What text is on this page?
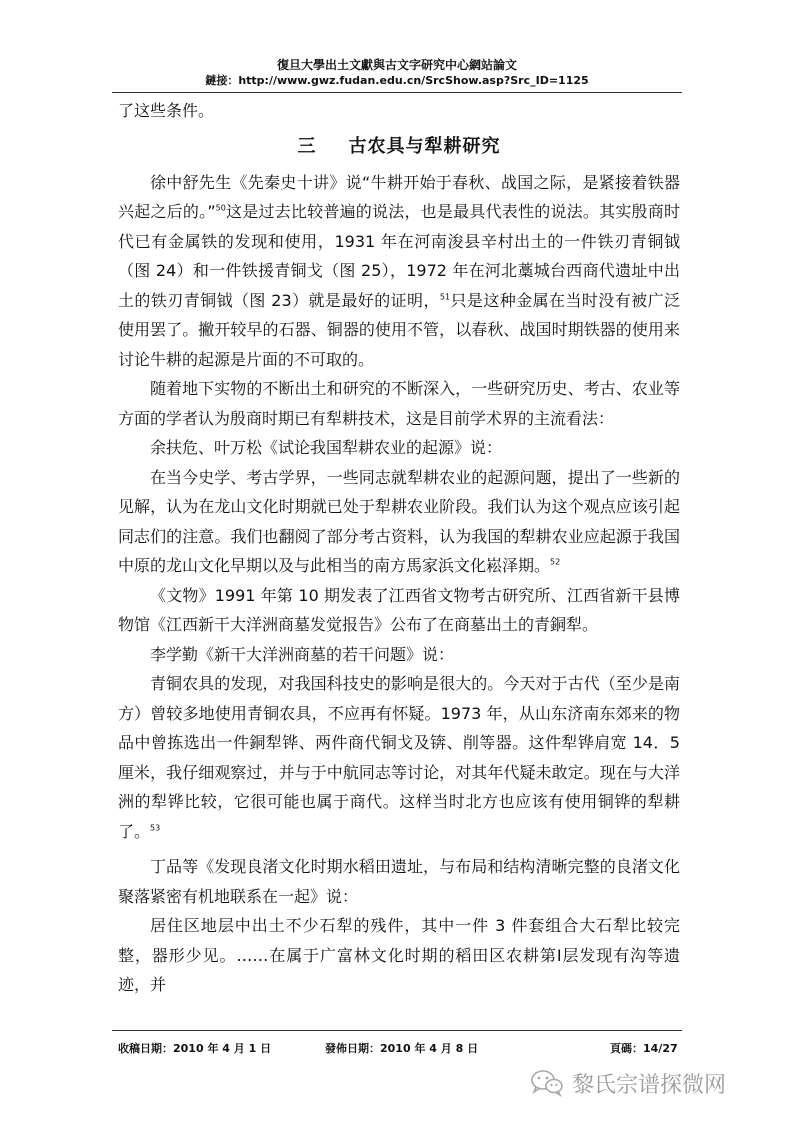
復旦大學出土文獻與古文字研究中心網站論文
鏈接：http://www.gwz.fudan.edu.cn/SrcShow.asp?Src_ID=1125

了这些条件。

三 古农具与犁耕研究

徐中舒先生《先秦史十讲》说“牛耕开始于春秋、战国之际，是紧接着铁器兴起之后的。”$^{50}$这是过去比较普遍的说法，也是最具代表性的说法。其实殷商时代已有金属铁的发现和使用，1931 年在河南浚县辛村出土的一件铁刃青铜钺（图 24）和一件铁援青铜戈（图 25），1972 年在河北藁城台西商代遗址中出土的铁刃青铜钺（图 23）就是最好的证明，$^{51}$只是这种金属在当时没有被广泛使用罢了。撇开较早的石器、铜器的使用不管，以春秋、战国时期铁器的使用来讨论牛耕的起源是片面的不可取的。

随着地下实物的不断出土和研究的不断深入，一些研究历史、考古、农业等方面的学者认为殷商时期已有犁耕技术，这是目前学术界的主流看法：

余扶危、叶万松《试论我国犁耕农业的起源》说：

在当今史学、考古学界，一些同志就犁耕农业的起源问题，提出了一些新的见解，认为在龙山文化时期就已处于犁耕农业阶段。我们认为这个观点应该引起同志们的注意。我们也翻阅了部分考古资料，认为我国的犁耕农业应起源于我国中原的龙山文化早期以及与此相当的南方馬家浜文化崧泽期。$^{52}$

《文物》1991 年第 10 期发表了江西省文物考古研究所、江西省新干县博物馆《江西新干大洋洲商墓发觉报告》公布了在商墓出土的青銅犁。

李学勤《新干大洋洲商墓的若干问题》说：

青铜农具的发现，对我国科技史的影响是很大的。今天对于古代（至少是南方）曾较多地使用青铜农具，不应再有怀疑。1973 年，从山东济南东郊来的物品中曾拣选出一件銅犁铧、两件商代铜戈及锛、削等器。这件犁铧肩宽 14．5 厘米，我仔细观察过，并与于中航同志等讨论，对其年代疑未敢定。现在与大洋洲的犁铧比较，它很可能也属于商代。这样当时北方也应该有使用铜铧的犁耕了。$^{53}$

丁品等《发现良渚文化时期水稻田遗址，与布局和结构清晰完整的良渚文化聚落紧密有机地联系在一起》说：

居住区地层中出土不少石犁的残件，其中一件 3 件套组合大石犁比较完整，器形少见。……在属于广富林文化时期的稻田区农耕第Ⅰ层发现有沟等遗迹，并

收稿日期：2010 年 4 月 1 日	發佈日期：2010 年 4 月 8 日	頁碼：14/27
黎氏宗谱探微网
